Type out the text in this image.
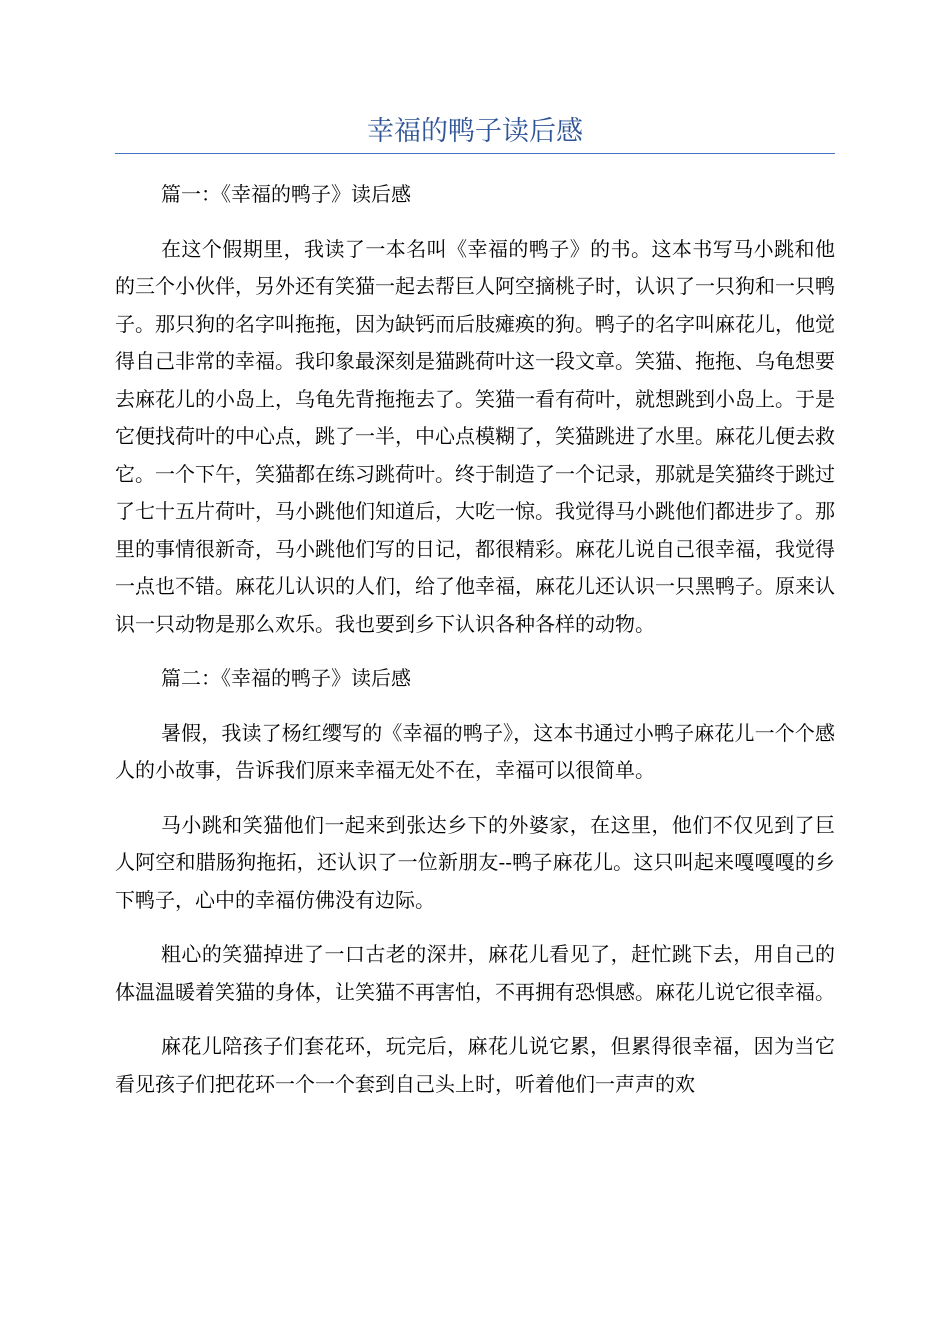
幸福的鸭子读后感

篇一：《幸福的鸭子》读后感

在这个假期里，我读了一本名叫《幸福的鸭子》的书。这本书写马小跳和他的三个小伙伴，另外还有笑猫一起去帮巨人阿空摘桃子时，认识了一只狗和一只鸭子。那只狗的名字叫拖拖，因为缺钙而后肢瘫痪的狗。鸭子的名字叫麻花儿，他觉得自己非常的幸福。我印象最深刻是猫跳荷叶这一段文章。笑猫、拖拖、乌龟想要去麻花儿的小岛上，乌龟先背拖拖去了。笑猫一看有荷叶，就想跳到小岛上。于是它便找荷叶的中心点，跳了一半，中心点模糊了，笑猫跳进了水里。麻花儿便去救它。一个下午，笑猫都在练习跳荷叶。终于制造了一个记录，那就是笑猫终于跳过了七十五片荷叶，马小跳他们知道后，大吃一惊。我觉得马小跳他们都进步了。那里的事情很新奇，马小跳他们写的日记，都很精彩。麻花儿说自己很幸福，我觉得一点也不错。麻花儿认识的人们，给了他幸福，麻花儿还认识一只黑鸭子。原来认识一只动物是那么欢乐。我也要到乡下认识各种各样的动物。

篇二：《幸福的鸭子》读后感

暑假，我读了杨红缨写的《幸福的鸭子》，这本书通过小鸭子麻花儿一个个感人的小故事，告诉我们原来幸福无处不在，幸福可以很简单。

马小跳和笑猫他们一起来到张达乡下的外婆家，在这里，他们不仅见到了巨人阿空和腊肠狗拖拓，还认识了一位新朋友--鸭子麻花儿。这只叫起来嘎嘎嘎的乡下鸭子，心中的幸福仿佛没有边际。

粗心的笑猫掉进了一口古老的深井，麻花儿看见了，赶忙跳下去，用自己的体温温暖着笑猫的身体，让笑猫不再害怕，不再拥有恐惧感。麻花儿说它很幸福。

麻花儿陪孩子们套花环，玩完后，麻花儿说它累，但累得很幸福，因为当它看见孩子们把花环一个一个套到自己头上时，听着他们一声声的欢
